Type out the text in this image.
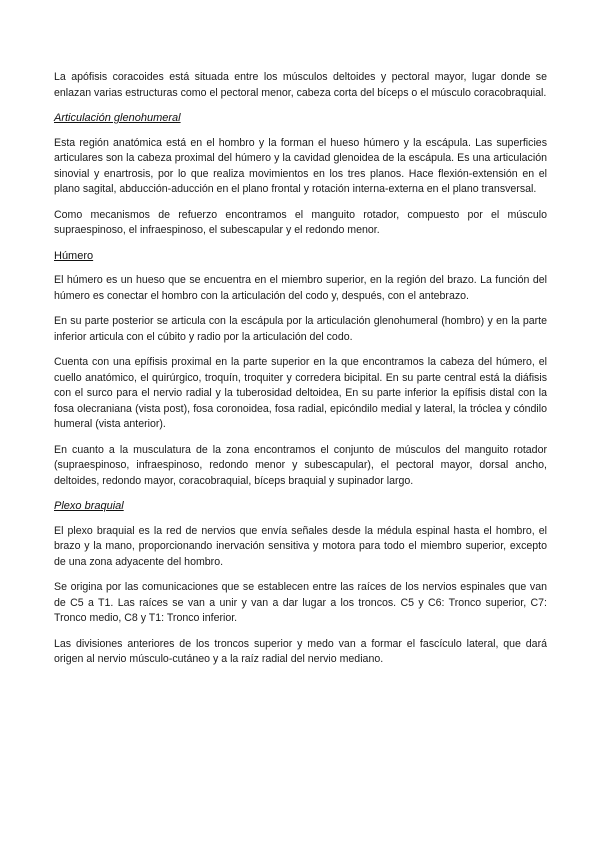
La apófisis coracoides está situada entre los músculos deltoides y pectoral mayor, lugar donde se enlazan varias estructuras como el pectoral menor, cabeza corta del bíceps o el músculo coracobraquial.

Articulación glenohumeral

Esta región anatómica está en el hombro y la forman el hueso húmero y la escápula. Las superficies articulares son la cabeza proximal del húmero y la cavidad glenoidea de la escápula. Es una articulación sinovial y enartrosis, por lo que realiza movimientos en los tres planos. Hace flexión-extensión en el plano sagital, abducción-aducción en el plano frontal y rotación interna-externa en el plano transversal.

Como mecanismos de refuerzo encontramos el manguito rotador, compuesto por el músculo supraespinoso, el infraespinoso, el subescapular y el redondo menor.

Húmero

El húmero es un hueso que se encuentra en el miembro superior, en la región del brazo. La función del húmero es conectar el hombro con la articulación del codo y, después, con el antebrazo.

En su parte posterior se articula con la escápula por la articulación glenohumeral (hombro) y en la parte inferior articula con el cúbito y radio por la articulación del codo.

Cuenta con una epífisis proximal en la parte superior en la que encontramos la cabeza del húmero, el cuello anatómico, el quirúrgico, troquín, troquiter y corredera bicipital. En su parte central está la diáfisis con el surco para el nervio radial y la tuberosidad deltoidea, En su parte inferior la epífisis distal con la fosa olecraniana (vista post), fosa coronoidea, fosa radial, epicóndilo medial y lateral, la tróclea y cóndilo humeral (vista anterior).

En cuanto a la musculatura de la zona encontramos el conjunto de músculos del manguito rotador (supraespinoso, infraespinoso, redondo menor y subescapular), el pectoral mayor, dorsal ancho, deltoides, redondo mayor, coracobraquial, bíceps braquial y supinador largo.

Plexo braquial

El plexo braquial es la red de nervios que envía señales desde la médula espinal hasta el hombro, el brazo y la mano, proporcionando inervación sensitiva y motora para todo el miembro superior, excepto de una zona adyacente del hombro.

Se origina por las comunicaciones que se establecen entre las raíces de los nervios espinales que van de C5 a T1. Las raíces se van a unir y van a dar lugar a los troncos. C5 y C6: Tronco superior, C7: Tronco medio, C8 y T1: Tronco inferior.

Las divisiones anteriores de los troncos superior y medo van a formar el fascículo lateral, que dará origen al nervio músculo-cutáneo y a la raíz radial del nervio mediano.
